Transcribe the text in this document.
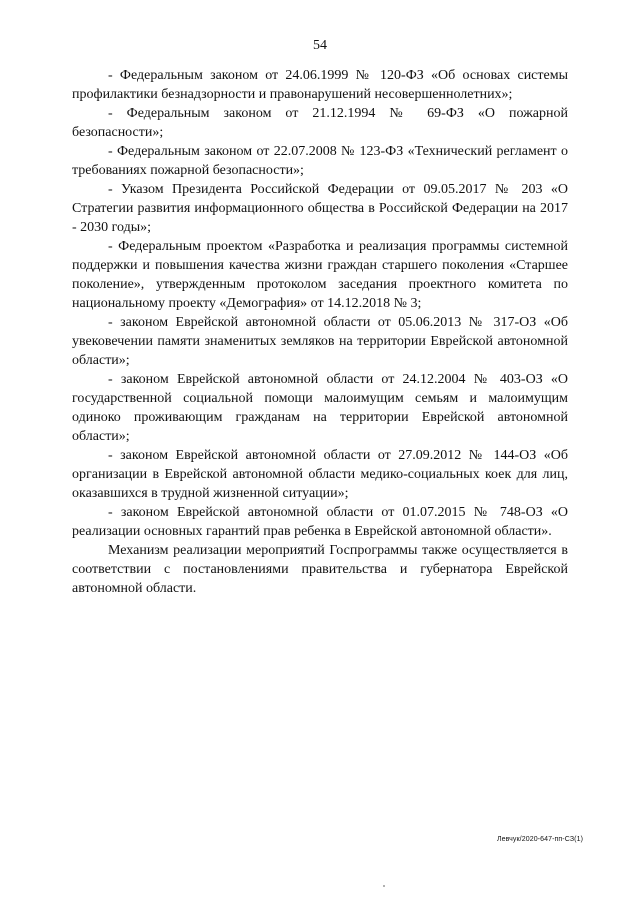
54

- Федеральным законом от 24.06.1999 № 120-ФЗ «Об основах системы профилактики безнадзорности и правонарушений несовершеннолетних»;

- Федеральным законом от 21.12.1994 № 69-ФЗ «О пожарной безопасности»;

- Федеральным законом от 22.07.2008 № 123-ФЗ «Технический регламент о требованиях пожарной безопасности»;

- Указом Президента Российской Федерации от 09.05.2017 № 203 «О Стратегии развития информационного общества в Российской Федерации на 2017 - 2030 годы»;

- Федеральным проектом «Разработка и реализация программы системной поддержки и повышения качества жизни граждан старшего поколения «Старшее поколение», утвержденным протоколом заседания проектного комитета по национальному проекту «Демография» от 14.12.2018 № 3;

- законом Еврейской автономной области от 05.06.2013 № 317-ОЗ «Об увековечении памяти знаменитых земляков на территории Еврейской автономной области»;

- законом Еврейской автономной области от 24.12.2004 № 403-ОЗ «О государственной социальной помощи малоимущим семьям и малоимущим одиноко проживающим гражданам на территории Еврейской автономной области»;

- законом Еврейской автономной области от 27.09.2012 № 144-ОЗ «Об организации в Еврейской автономной области медико-социальных коек для лиц, оказавшихся в трудной жизненной ситуации»;

- законом Еврейской автономной области от 01.07.2015 № 748-ОЗ «О реализации основных гарантий прав ребенка в Еврейской автономной области».

Механизм реализации мероприятий Госпрограммы также осуществляется в соответствии с постановлениями правительства и губернатора Еврейской автономной области.

Левчук/2020-647-пп-СЗ(1)
